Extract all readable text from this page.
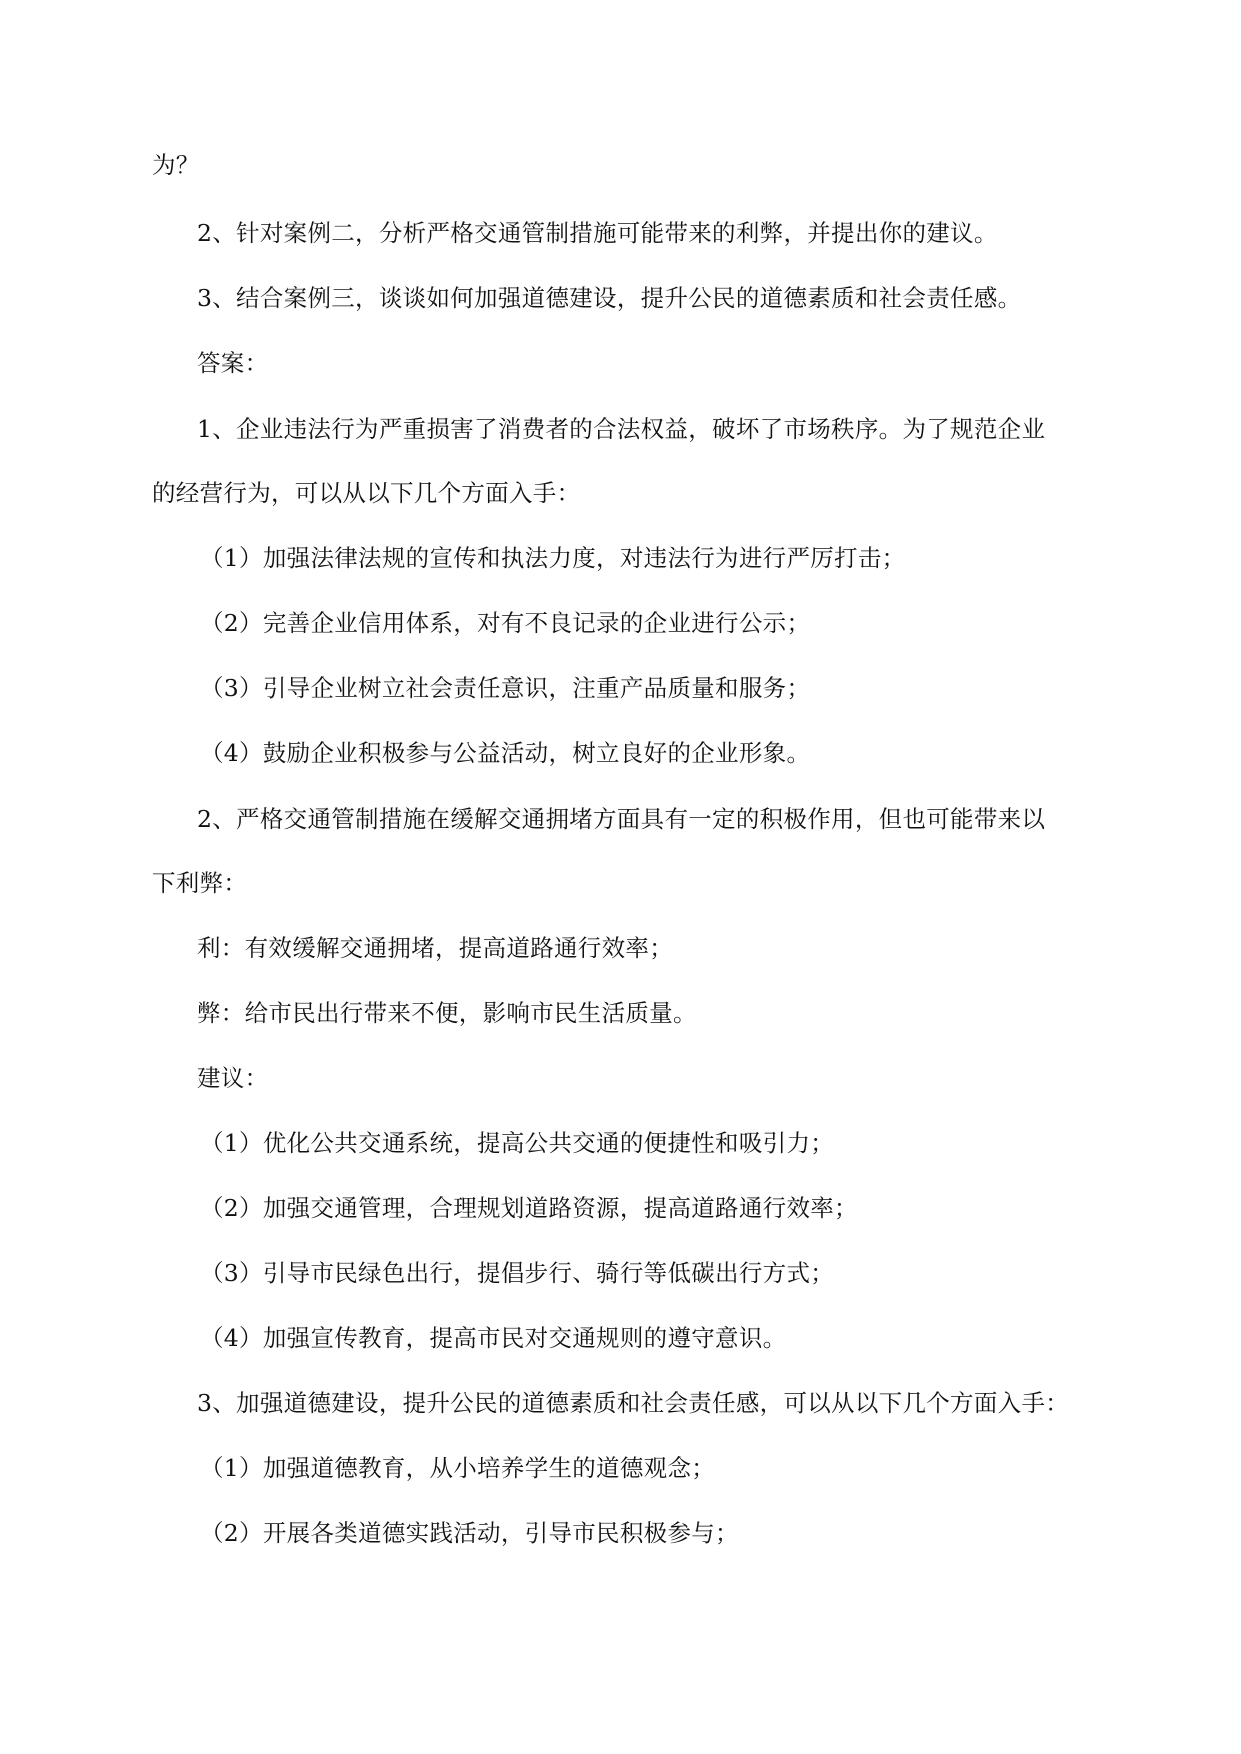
为？
2、针对案例二，分析严格交通管制措施可能带来的利弊，并提出你的建议。
3、结合案例三，谈谈如何加强道德建设，提升公民的道德素质和社会责任感。
答案：
1、企业违法行为严重损害了消费者的合法权益，破坏了市场秩序。为了规范企业
的经营行为，可以从以下几个方面入手：
（1）加强法律法规的宣传和执法力度，对违法行为进行严厉打击；
（2）完善企业信用体系，对有不良记录的企业进行公示；
（3）引导企业树立社会责任意识，注重产品质量和服务；
（4）鼓励企业积极参与公益活动，树立良好的企业形象。
2、严格交通管制措施在缓解交通拥堵方面具有一定的积极作用，但也可能带来以
下利弊：
利：有效缓解交通拥堵，提高道路通行效率；
弊：给市民出行带来不便，影响市民生活质量。
建议：
（1）优化公共交通系统，提高公共交通的便捷性和吸引力；
（2）加强交通管理，合理规划道路资源，提高道路通行效率；
（3）引导市民绿色出行，提倡步行、骑行等低碳出行方式；
（4）加强宣传教育，提高市民对交通规则的遵守意识。
3、加强道德建设，提升公民的道德素质和社会责任感，可以从以下几个方面入手：
（1）加强道德教育，从小培养学生的道德观念；
（2）开展各类道德实践活动，引导市民积极参与；
